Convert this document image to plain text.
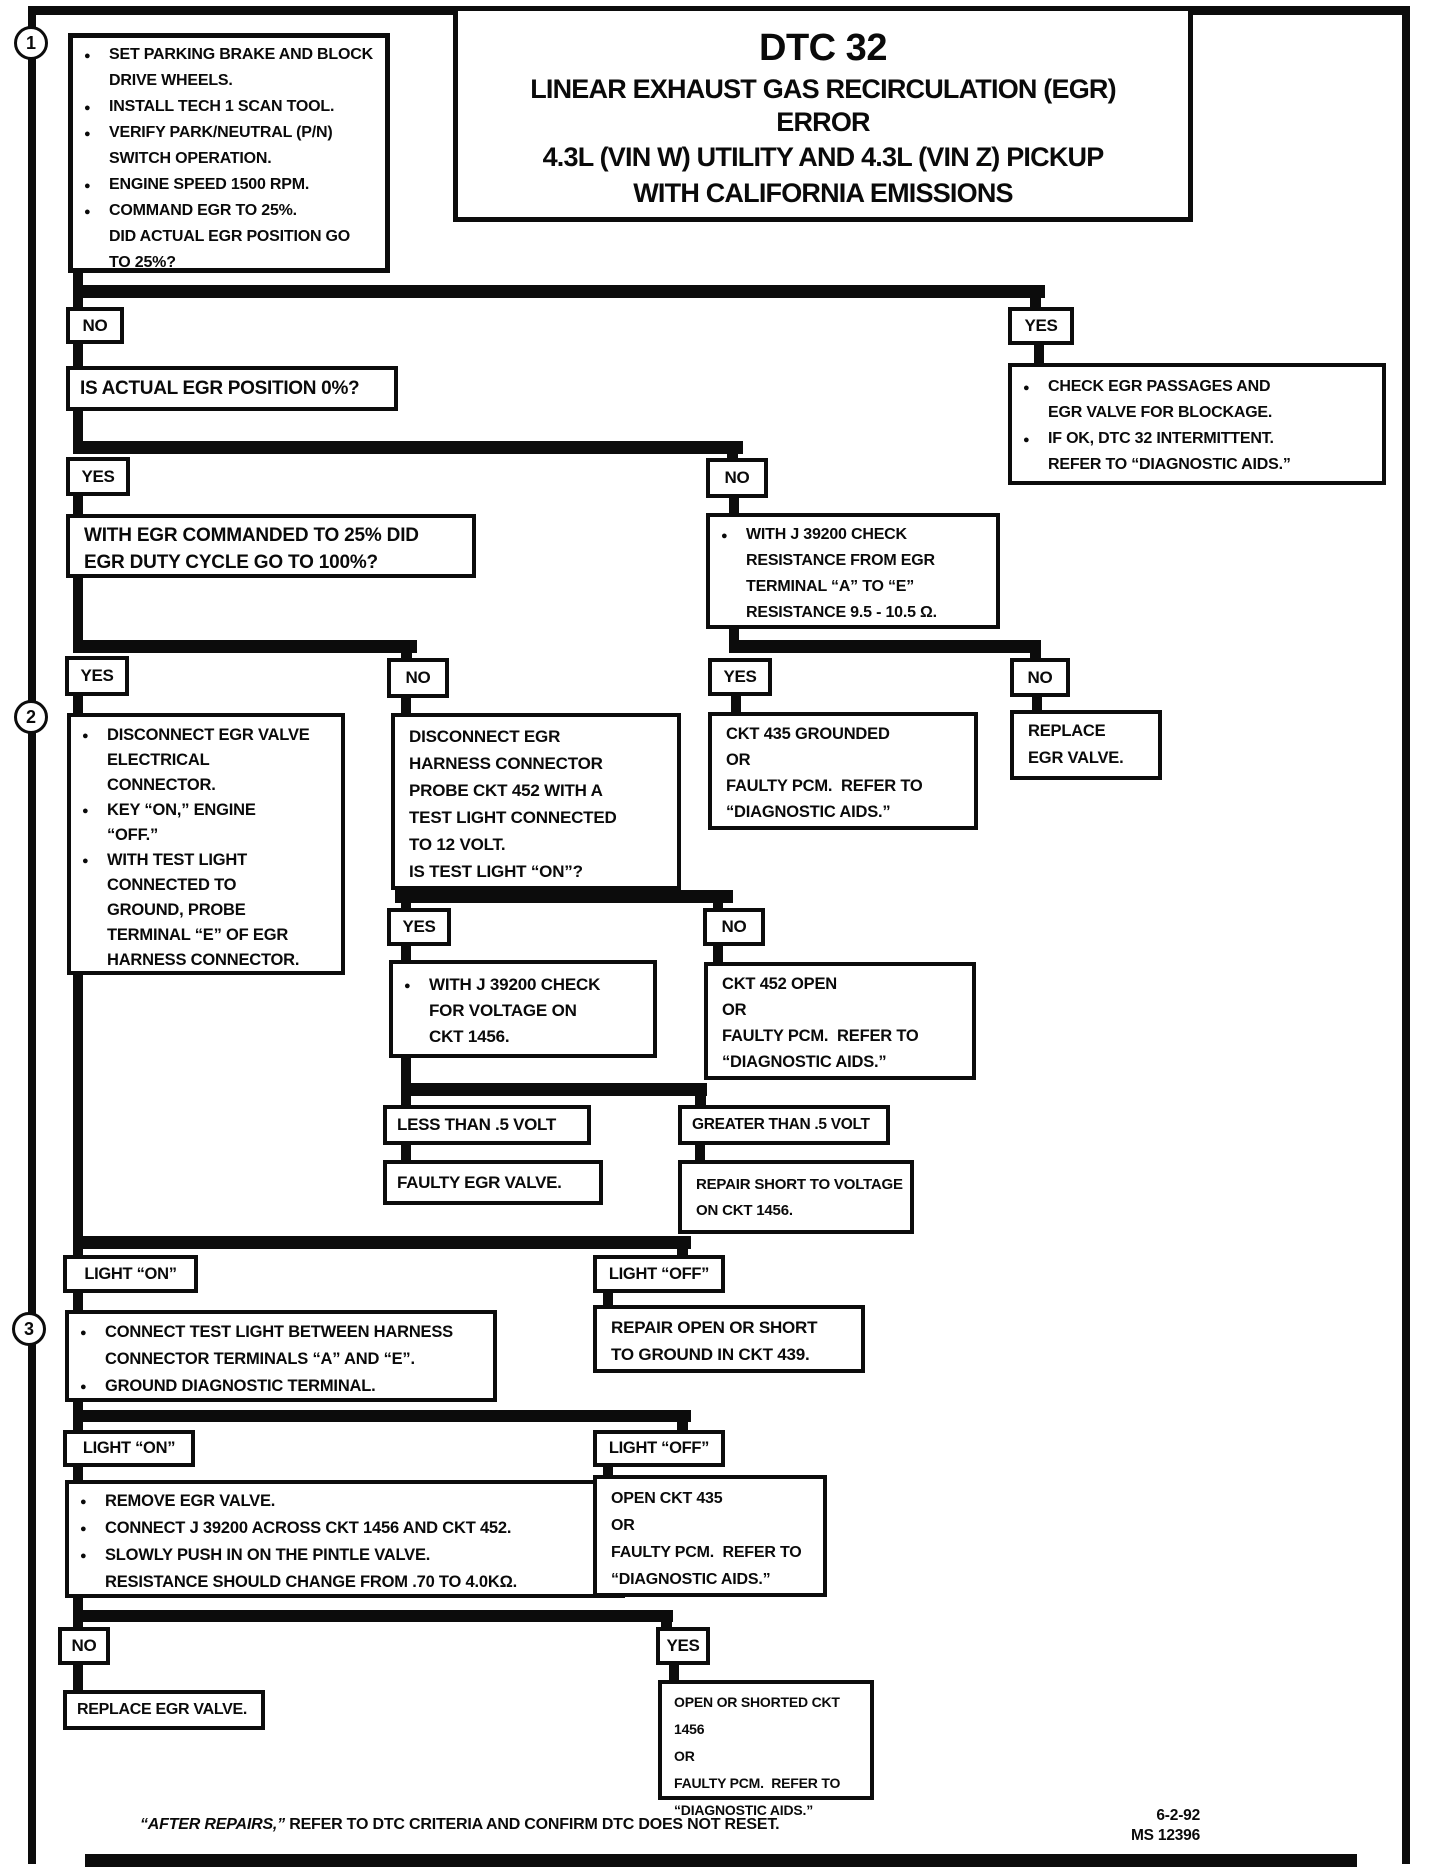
DTC 32
LINEAR EXHAUST GAS RECIRCULATION (EGR)
ERROR
4.3L (VIN W) UTILITY AND 4.3L (VIN Z) PICKUP
WITH CALIFORNIA EMISSIONS
1
● SET PARKING BRAKE AND BLOCK
DRIVE WHEELS.
● INSTALL TECH 1 SCAN TOOL.
● VERIFY PARK/NEUTRAL (P/N)
SWITCH OPERATION.
● ENGINE SPEED 1500 RPM.
● COMMAND EGR TO 25%.
DID ACTUAL EGR POSITION GO
TO 25%?
NO	YES
● CHECK EGR PASSAGES AND
EGR VALVE FOR BLOCKAGE.
● IF OK, DTC 32 INTERMITTENT.
REFER TO “DIAGNOSTIC AIDS.”
IS ACTUAL EGR POSITION 0%?
YES	NO
WITH EGR COMMANDED TO 25% DID
EGR DUTY CYCLE GO TO 100%?
● WITH J 39200 CHECK
RESISTANCE FROM EGR
TERMINAL “A” TO “E”
RESISTANCE 9.5 - 10.5 Ω.
YES	NO
CKT 435 GROUNDED
OR
FAULTY PCM.  REFER TO
“DIAGNOSTIC AIDS.”
REPLACE
EGR VALVE.
YES	NO
2
● DISCONNECT EGR VALVE
ELECTRICAL
CONNECTOR.
● KEY “ON,” ENGINE
“OFF.”
● WITH TEST LIGHT
CONNECTED TO
GROUND, PROBE
TERMINAL “E” OF EGR
HARNESS CONNECTOR.
DISCONNECT EGR
HARNESS CONNECTOR
PROBE CKT 452 WITH A
TEST LIGHT CONNECTED
TO 12 VOLT.
IS TEST LIGHT “ON”?
YES	NO
● WITH J 39200 CHECK
FOR VOLTAGE ON
CKT 1456.
CKT 452 OPEN
OR
FAULTY PCM.  REFER TO
“DIAGNOSTIC AIDS.”
LESS THAN .5 VOLT	GREATER THAN .5 VOLT
FAULTY EGR VALVE.	REPAIR SHORT TO VOLTAGE
ON CKT 1456.
LIGHT “ON”	LIGHT “OFF”
REPAIR OPEN OR SHORT
TO GROUND IN CKT 439.
3	● CONNECT TEST LIGHT BETWEEN HARNESS
CONNECTOR TERMINALS “A” AND “E”.
● GROUND DIAGNOSTIC TERMINAL.
LIGHT “ON”	LIGHT “OFF”
● REMOVE EGR VALVE.
● CONNECT J 39200 ACROSS CKT 1456 AND CKT 452.
● SLOWLY PUSH IN ON THE PINTLE VALVE.
RESISTANCE SHOULD CHANGE FROM .70 TO 4.0KΩ.
OPEN CKT 435
OR
FAULTY PCM.  REFER TO
“DIAGNOSTIC AIDS.”
NO	YES
REPLACE EGR VALVE.	OPEN OR SHORTED CKT 1456
OR
FAULTY PCM.  REFER TO
“DIAGNOSTIC AIDS.”
“AFTER REPAIRS,” REFER TO DTC CRITERIA AND CONFIRM DTC DOES NOT RESET.
6-2-92
MS 12396
